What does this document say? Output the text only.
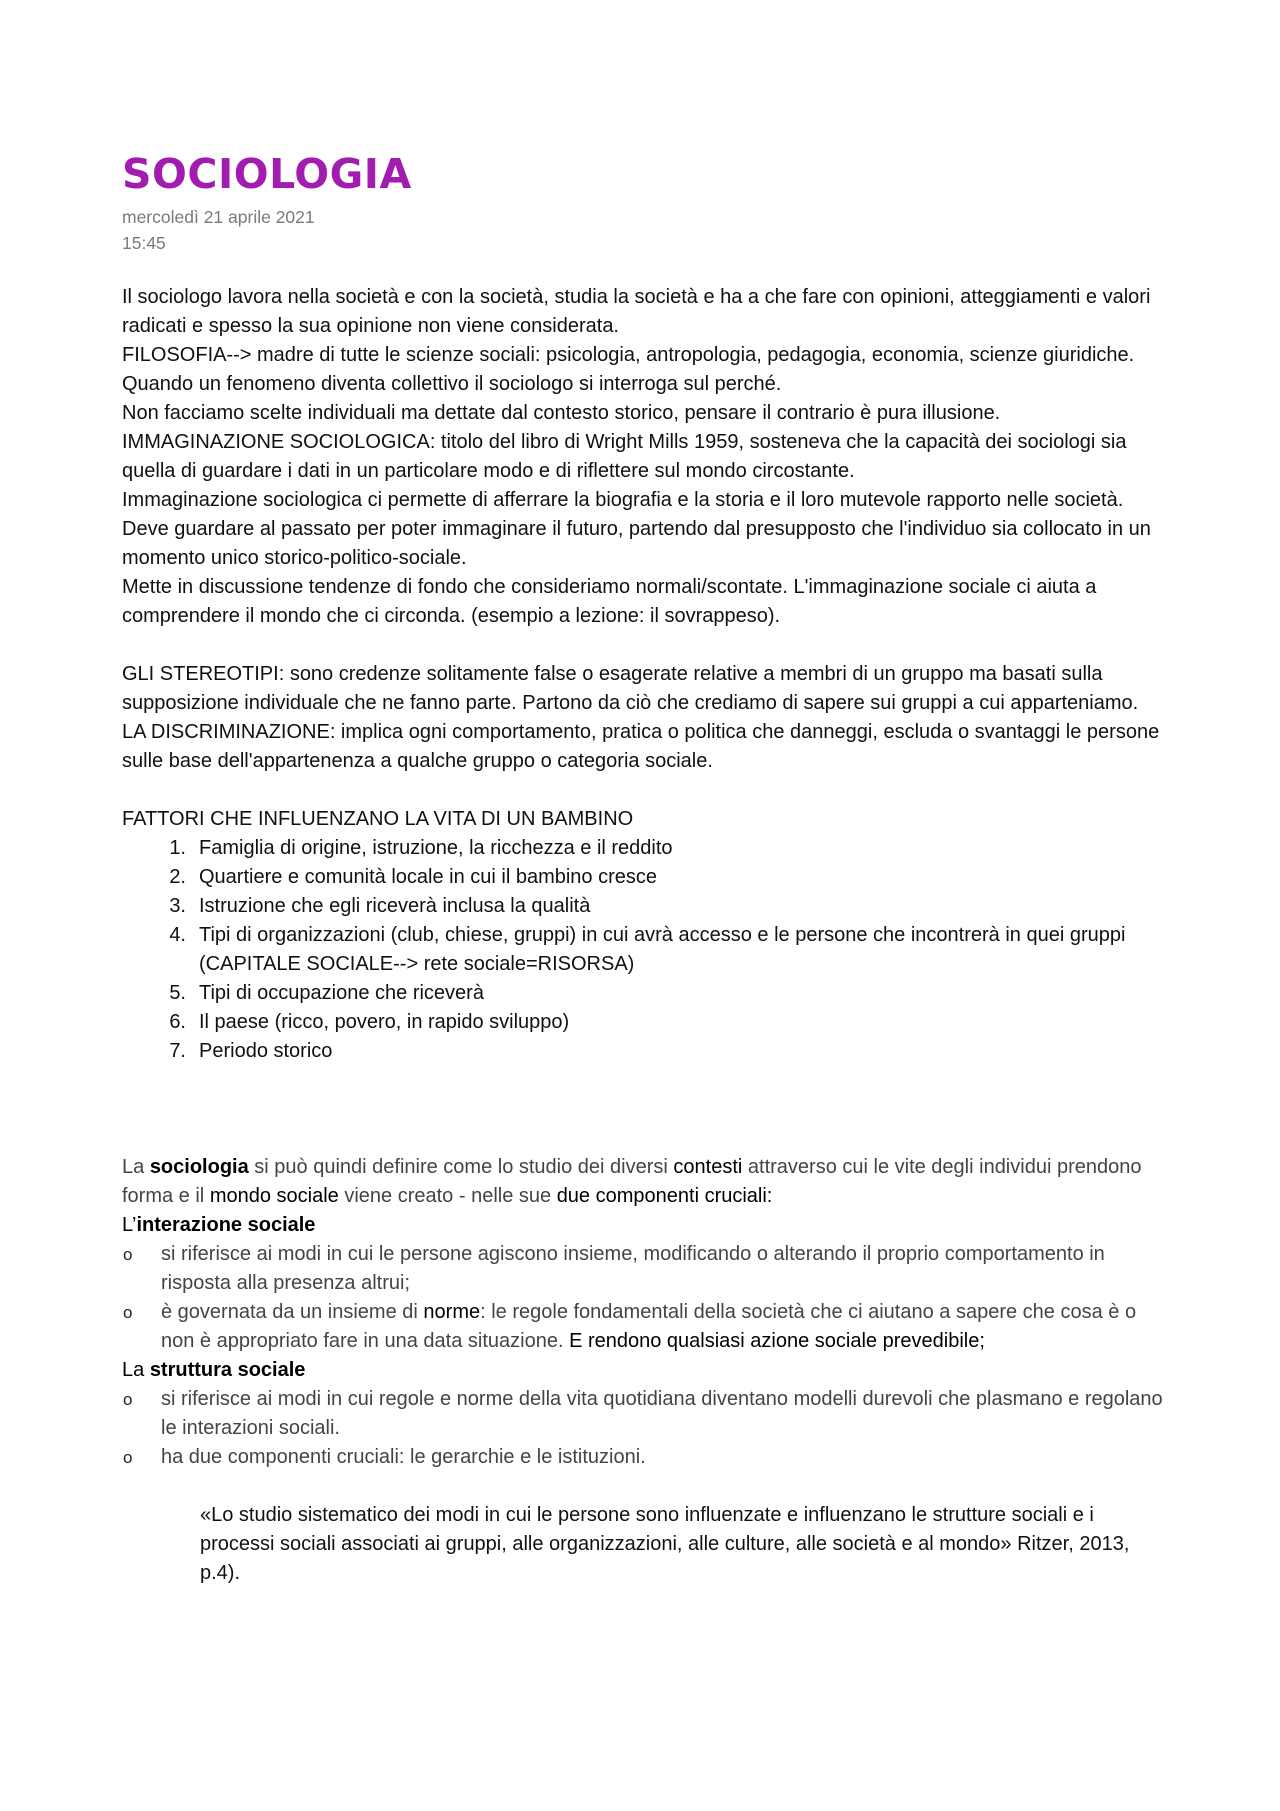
SOCIOLOGIA
mercoledì 21 aprile 2021
15:45
Il sociologo lavora nella società e con la società, studia la società e ha a che fare con opinioni, atteggiamenti e valori radicati e spesso la sua opinione non viene considerata.
FILOSOFIA--> madre di tutte le scienze sociali: psicologia, antropologia, pedagogia, economia, scienze giuridiche.
Quando un fenomeno diventa collettivo il sociologo si interroga sul perché.
Non facciamo scelte individuali ma dettate dal contesto storico, pensare il contrario è pura illusione.
IMMAGINAZIONE SOCIOLOGICA: titolo del libro di Wright Mills 1959, sosteneva che la capacità dei sociologi sia quella di guardare i dati in un particolare modo e di riflettere sul mondo circostante.
Immaginazione sociologica ci permette di afferrare la biografia e la storia e il loro mutevole rapporto nelle società. Deve guardare al passato per poter immaginare il futuro, partendo dal presupposto che l'individuo sia collocato in un momento unico storico-politico-sociale.
Mette in discussione tendenze di fondo che consideriamo normali/scontate. L'immaginazione sociale ci aiuta a comprendere il mondo che ci circonda. (esempio a lezione: il sovrappeso).
GLI STEREOTIPI: sono credenze solitamente false o esagerate relative a membri di un gruppo ma basati sulla supposizione individuale che ne fanno parte. Partono da ciò che crediamo di sapere sui gruppi a cui apparteniamo.
LA DISCRIMINAZIONE: implica ogni comportamento, pratica o politica che danneggi, escluda o svantaggi le persone sulle base dell'appartenenza a qualche gruppo o categoria sociale.
FATTORI CHE INFLUENZANO LA VITA DI UN BAMBINO
1. Famiglia di origine, istruzione, la ricchezza e il reddito
2. Quartiere e comunità locale in cui il bambino cresce
3. Istruzione che egli riceverà inclusa la qualità
4. Tipi di organizzazioni (club, chiese, gruppi) in cui avrà accesso e le persone che incontrerà in quei gruppi (CAPITALE SOCIALE--> rete sociale=RISORSA)
5. Tipi di occupazione che riceverà
6. Il paese (ricco, povero, in rapido sviluppo)
7. Periodo storico
La sociologia si può quindi definire come lo studio dei diversi contesti attraverso cui le vite degli individui prendono forma e il mondo sociale viene creato - nelle sue due componenti cruciali:
L’interazione sociale
o si riferisce ai modi in cui le persone agiscono insieme, modificando o alterando il proprio comportamento in risposta alla presenza altrui;
o è governata da un insieme di norme: le regole fondamentali della società che ci aiutano a sapere che cosa è o non è appropriato fare in una data situazione. E rendono qualsiasi azione sociale prevedibile;
La struttura sociale
o si riferisce ai modi in cui regole e norme della vita quotidiana diventano modelli durevoli che plasmano e regolano le interazioni sociali.
o ha due componenti cruciali: le gerarchie e le istituzioni.
«Lo studio sistematico dei modi in cui le persone sono influenzate e influenzano le strutture sociali e i processi sociali associati ai gruppi, alle organizzazioni, alle culture, alle società e al mondo» Ritzer, 2013, p.4).
